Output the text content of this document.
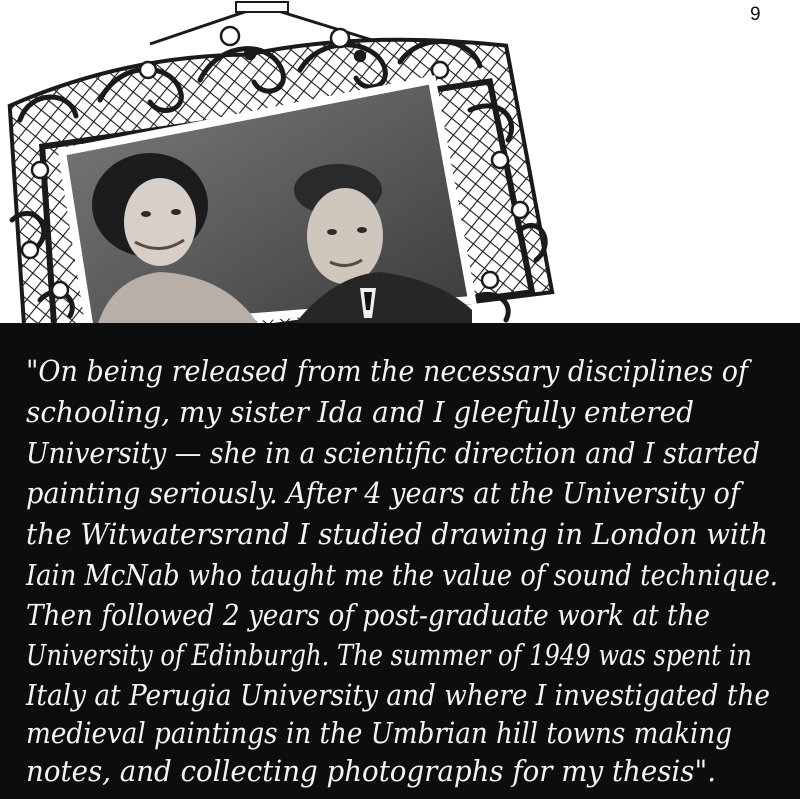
9
"On being released from the necessary disciplines of
schooling, my sister Ida and I gleefully entered
University — she in a scientific direction and I started
painting seriously. After 4 years at the University of
the Witwatersrand I studied drawing in London with
Iain McNab who taught me the value of sound technique.
Then followed 2 years of post-graduate work at the
University of Edinburgh. The summer of 1949 was spent in
Italy at Perugia University and where I investigated the
medieval paintings in the Umbrian hill towns making
notes, and collecting photographs for my thesis".
